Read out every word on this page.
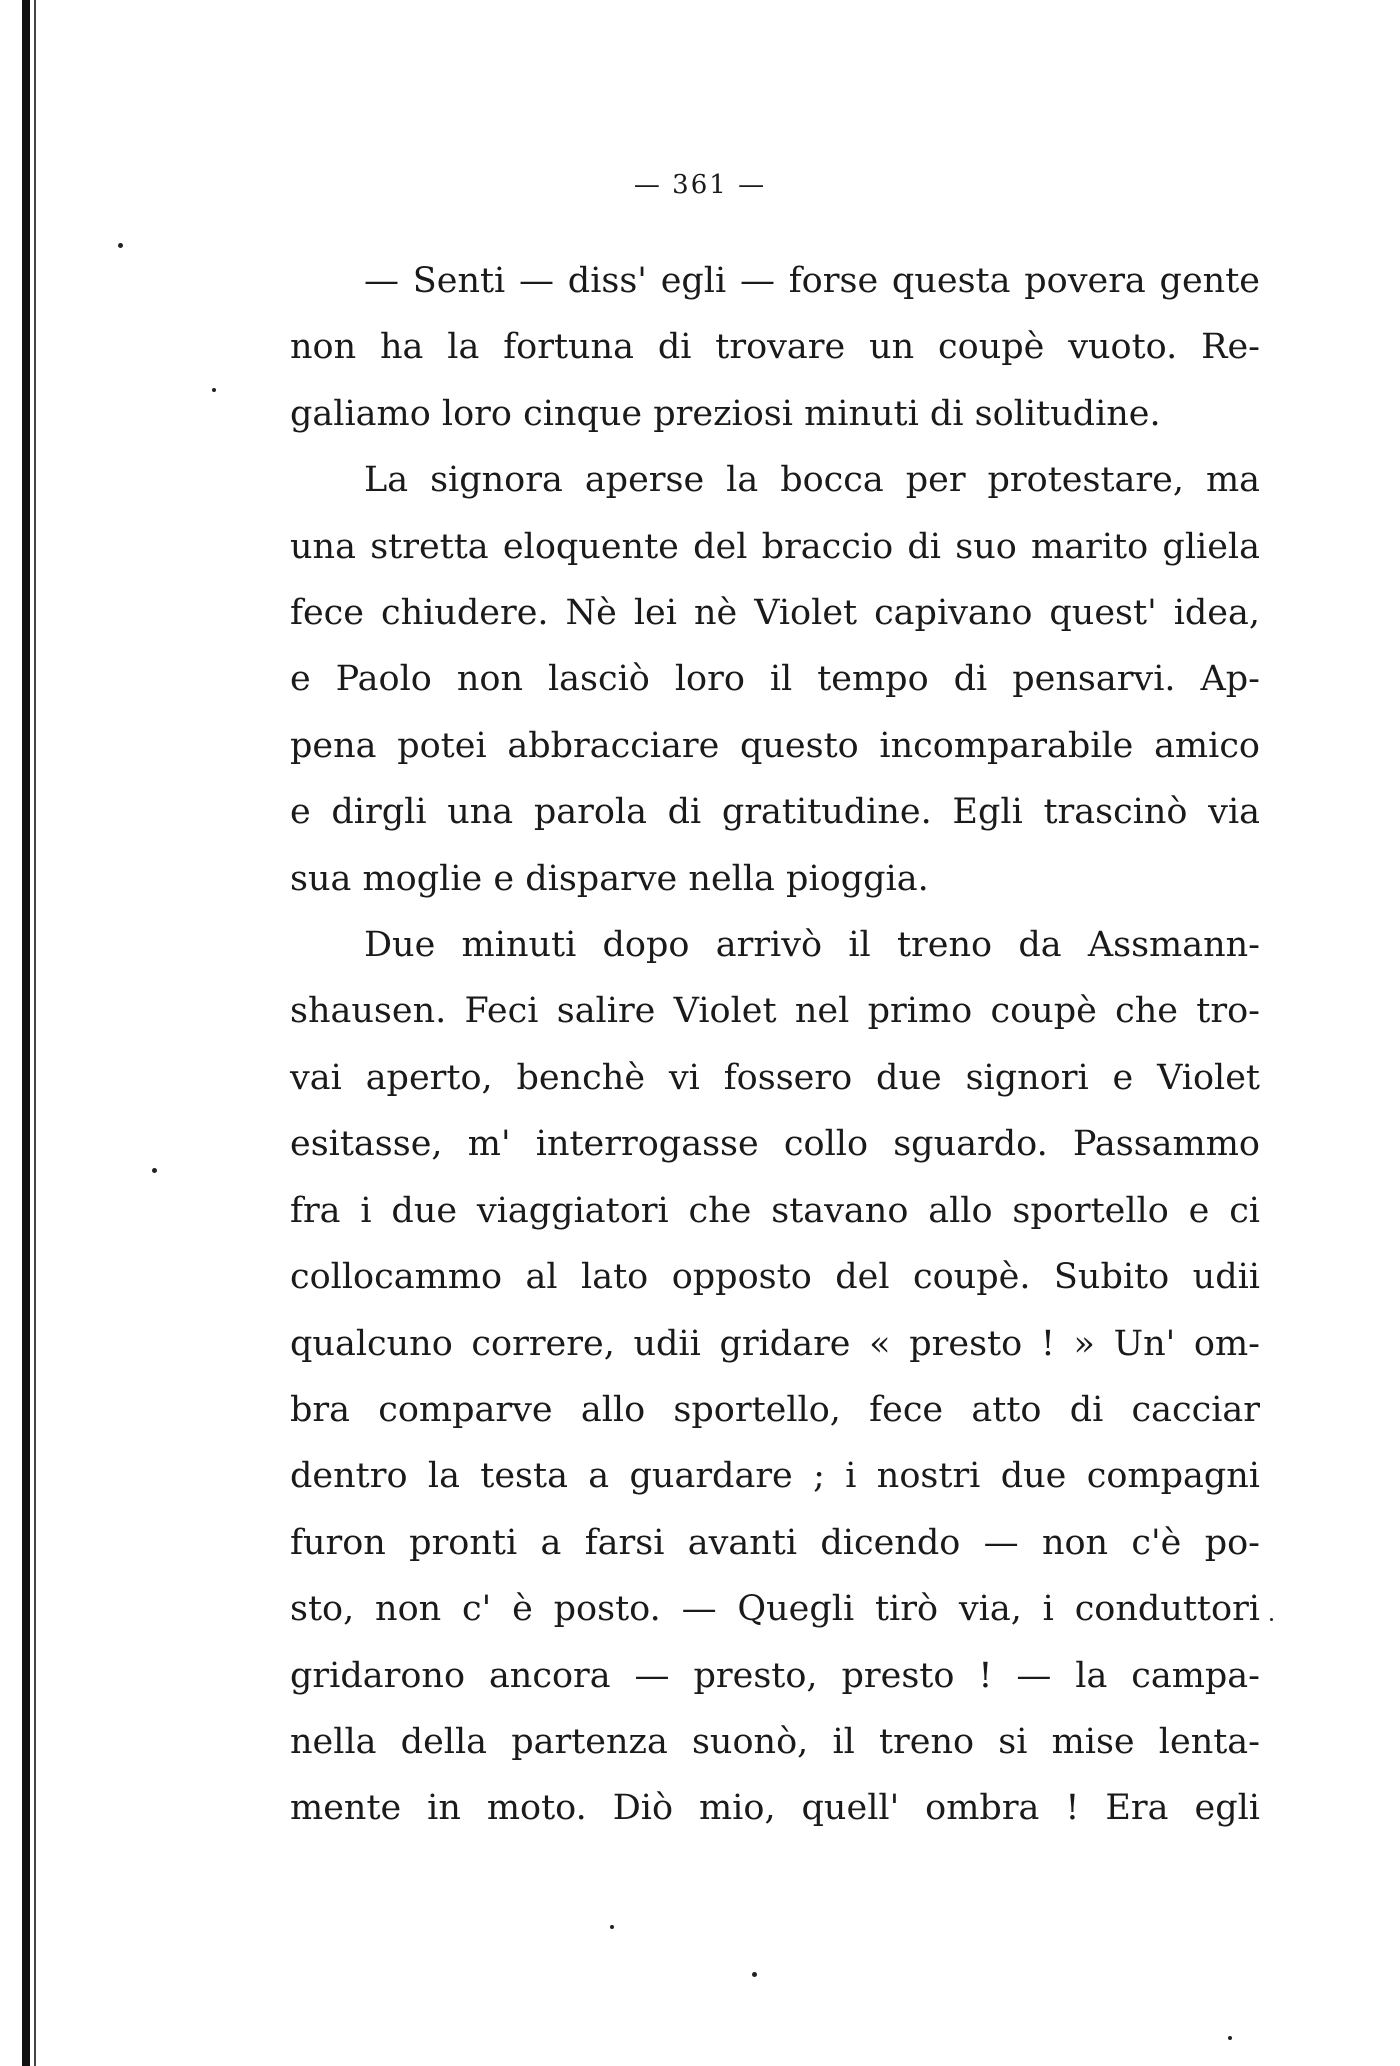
— 361 —
— Senti — diss' egli — forse questa povera gente
non ha la fortuna di trovare un coupè vuoto. Re-
galiamo loro cinque preziosi minuti di solitudine.
La signora aperse la bocca per protestare, ma
una stretta eloquente del braccio di suo marito gliela
fece chiudere. Nè lei nè Violet capivano quest' idea,
e Paolo non lasciò loro il tempo di pensarvi. Ap-
pena potei abbracciare questo incomparabile amico
e dirgli una parola di gratitudine. Egli trascinò via
sua moglie e disparve nella pioggia.
Due minuti dopo arrivò il treno da Assmann-
shausen. Feci salire Violet nel primo coupè che tro-
vai aperto, benchè vi fossero due signori e Violet
esitasse, m' interrogasse collo sguardo. Passammo
fra i due viaggiatori che stavano allo sportello e ci
collocammo al lato opposto del coupè. Subito udii
qualcuno correre, udii gridare « presto ! » Un' om-
bra comparve allo sportello, fece atto di cacciar
dentro la testa a guardare ; i nostri due compagni
furon pronti a farsi avanti dicendo — non c'è po-
sto, non c' è posto. — Quegli tirò via, i conduttori
gridarono ancora — presto, presto ! — la campa-
nella della partenza suonò, il treno si mise lenta-
mente in moto. Diò mio, quell' ombra ! Era egli
